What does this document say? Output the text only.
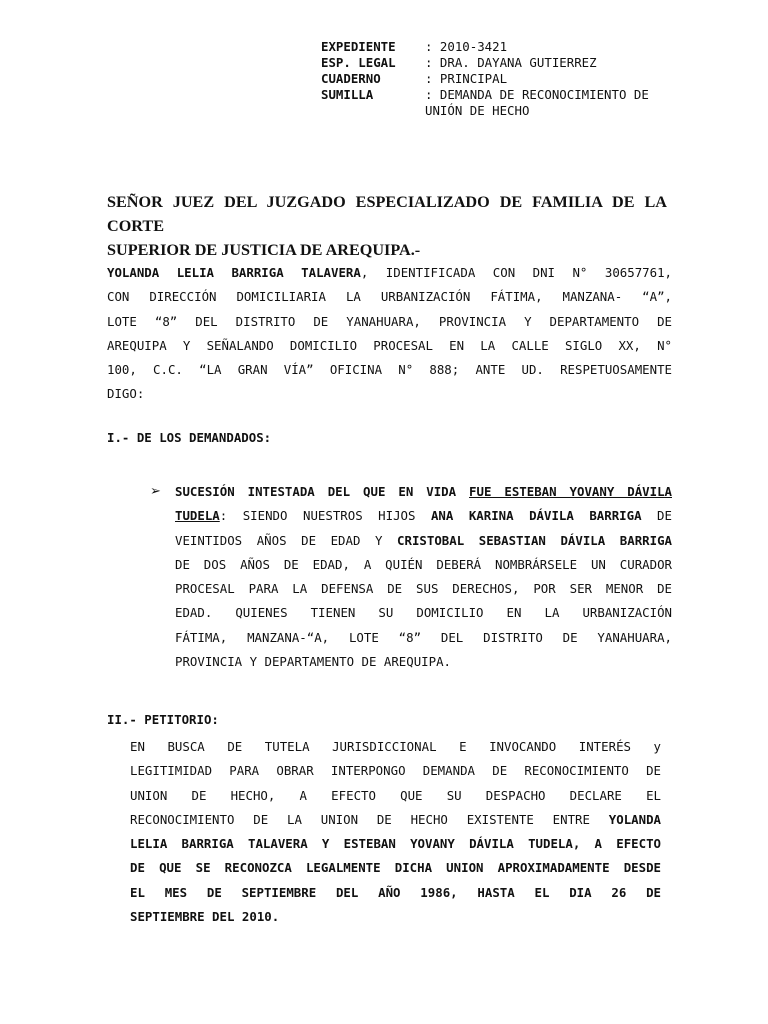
EXPEDIENTE	: 2010-3421
ESP. LEGAL	: DRA. DAYANA GUTIERREZ
CUADERNO	: PRINCIPAL
SUMILLA	: DEMANDA DE RECONOCIMIENTO DE
UNIÓN DE HECHO
SEÑOR JUEZ DEL JUZGADO ESPECIALIZADO DE FAMILIA DE LA CORTE
SUPERIOR DE JUSTICIA DE AREQUIPA.-
YOLANDA LELIA BARRIGA TALAVERA, IDENTIFICADA CON DNI N° 30657761,
CON DIRECCIÓN DOMICILIARIA LA URBANIZACIÓN FÁTIMA, MANZANA- “A”,
LOTE “8” DEL DISTRITO DE YANAHUARA, PROVINCIA Y DEPARTAMENTO DE
AREQUIPA Y SEÑALANDO DOMICILIO PROCESAL EN LA CALLE SIGLO XX, N°
100, C.C. “LA GRAN VÍA” OFICINA N° 888; ANTE UD. RESPETUOSAMENTE
DIGO:
I.- DE LOS DEMANDADOS:
➢ SUCESIÓN INTESTADA DEL QUE EN VIDA FUE ESTEBAN YOVANY DÁVILA
TUDELA: SIENDO NUESTROS HIJOS ANA KARINA DÁVILA BARRIGA DE
VEINTIDOS AÑOS DE EDAD Y CRISTOBAL SEBASTIAN DÁVILA BARRIGA
DE DOS AÑOS DE EDAD, A QUIÉN DEBERÁ NOMBRÁRSELE UN CURADOR
PROCESAL PARA LA DEFENSA DE SUS DERECHOS, POR SER MENOR DE
EDAD. QUIENES TIENEN SU DOMICILIO EN LA URBANIZACIÓN
FÁTIMA, MANZANA-“A, LOTE “8” DEL DISTRITO DE YANAHUARA,
PROVINCIA Y DEPARTAMENTO DE AREQUIPA.
II.- PETITORIO:
EN BUSCA DE TUTELA JURISDICCIONAL E INVOCANDO INTERÉS y
LEGITIMIDAD PARA OBRAR INTERPONGO DEMANDA DE RECONOCIMIENTO DE
UNION DE HECHO, A EFECTO QUE SU DESPACHO DECLARE EL
RECONOCIMIENTO DE LA UNION DE HECHO EXISTENTE ENTRE YOLANDA
LELIA BARRIGA TALAVERA Y ESTEBAN YOVANY DÁVILA TUDELA, A EFECTO
DE QUE SE RECONOZCA LEGALMENTE DICHA UNION APROXIMADAMENTE DESDE
EL MES DE SEPTIEMBRE DEL AÑO 1986, HASTA EL DIA 26 DE
SEPTIEMBRE DEL 2010.
